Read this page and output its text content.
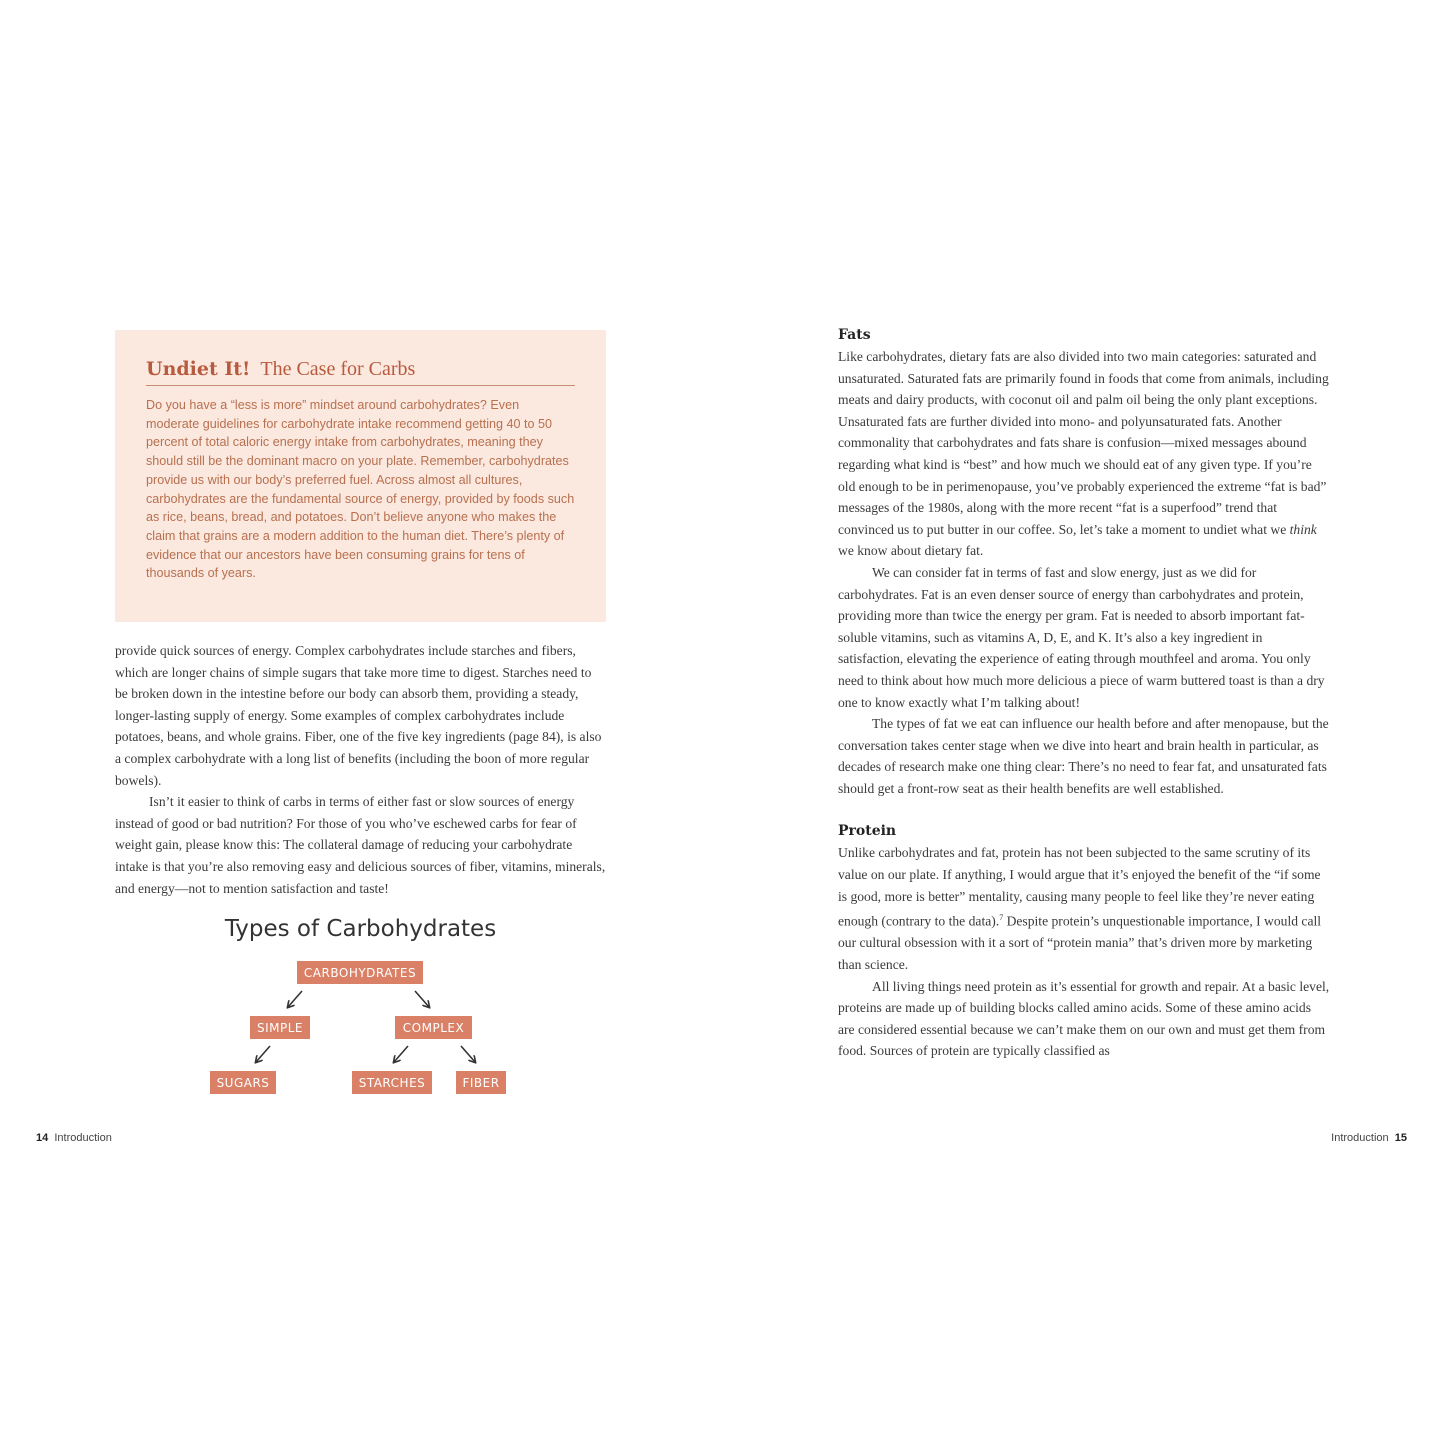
Undiet It! The Case for Carbs

Do you have a “less is more” mindset around carbohydrates? Even moderate guidelines for carbohydrate intake recommend getting 40 to 50 percent of total caloric energy intake from carbohydrates, meaning they should still be the dominant macro on your plate. Remember, carbohydrates provide us with our body’s preferred fuel. Across almost all cultures, carbohydrates are the fundamental source of energy, provided by foods such as rice, beans, bread, and potatoes. Don’t believe anyone who makes the claim that grains are a modern addition to the human diet. There’s plenty of evidence that our ancestors have been consuming grains for tens of thousands of years.

provide quick sources of energy. Complex carbohydrates include starches and fibers, which are longer chains of simple sugars that take more time to digest. Starches need to be broken down in the intestine before our body can absorb them, providing a steady, longer-lasting supply of energy. Some examples of complex carbohydrates include potatoes, beans, and whole grains. Fiber, one of the five key ingredients (page 84), is also a complex carbohydrate with a long list of benefits (including the boon of more regular bowels).

Isn’t it easier to think of carbs in terms of either fast or slow sources of energy instead of good or bad nutrition? For those of you who’ve eschewed carbs for fear of weight gain, please know this: The collateral damage of reducing your carbohydrate intake is that you’re also removing easy and delicious sources of fiber, vitamins, minerals, and energy—not to mention satisfaction and taste!

Types of Carbohydrates
CARBOHYDRATES
SIMPLE	COMPLEX
SUGARS	STARCHES	FIBER
Fats

Like carbohydrates, dietary fats are also divided into two main categories: saturated and unsaturated. Saturated fats are primarily found in foods that come from animals, including meats and dairy products, with coconut oil and palm oil being the only plant exceptions. Unsaturated fats are further divided into mono- and polyunsaturated fats. Another commonality that carbohydrates and fats share is confusion—mixed messages abound regarding what kind is “best” and how much we should eat of any given type. If you’re old enough to be in perimenopause, you’ve probably experienced the extreme “fat is bad” messages of the 1980s, along with the more recent “fat is a superfood” trend that convinced us to put butter in our coffee. So, let’s take a moment to undiet what we think we know about dietary fat.

We can consider fat in terms of fast and slow energy, just as we did for carbohydrates. Fat is an even denser source of energy than carbohydrates and protein, providing more than twice the energy per gram. Fat is needed to absorb important fat-soluble vitamins, such as vitamins A, D, E, and K. It’s also a key ingredient in satisfaction, elevating the experience of eating through mouthfeel and aroma. You only need to think about how much more delicious a piece of warm buttered toast is than a dry one to know exactly what I’m talking about!

The types of fat we eat can influence our health before and after menopause, but the conversation takes center stage when we dive into heart and brain health in particular, as decades of research make one thing clear: There’s no need to fear fat, and unsaturated fats should get a front-row seat as their health benefits are well established.

Protein

Unlike carbohydrates and fat, protein has not been subjected to the same scrutiny of its value on our plate. If anything, I would argue that it’s enjoyed the benefit of the “if some is good, more is better” mentality, causing many people to feel like they’re never eating enough (contrary to the data).$^7$ Despite protein’s unquestionable importance, I would call our cultural obsession with it a sort of “protein mania” that’s driven more by marketing than science.

All living things need protein as it’s essential for growth and repair. At a basic level, proteins are made up of building blocks called amino acids. Some of these amino acids are considered essential because we can’t make them on our own and must get them from food. Sources of protein are typically classified as

14 Introduction	Introduction 15
